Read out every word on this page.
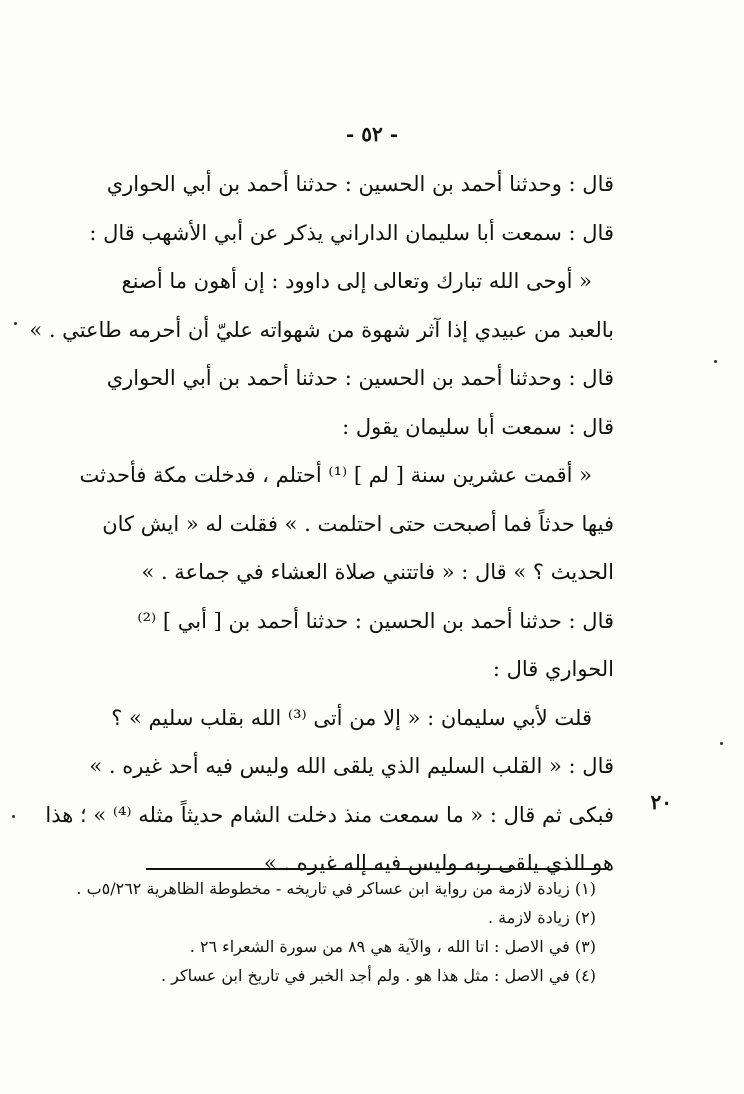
- ٥٢ -
قال : وحدثنا أحمد بن الحسين : حدثنا أحمد بن أبي الحواري
قال : سمعت أبا سليمان الداراني يذكر عن أبي الأشهب قال :
« أوحى الله تبارك وتعالى إلى داوود : إن أهون ما أصنع
بالعبد من عبيدي إذا آثر شهوة من شهواته عليّ أن أحرمه طاعتي . »
قال : وحدثنا أحمد بن الحسين : حدثنا أحمد بن أبي الحواري
قال : سمعت أبا سليمان يقول :
« أقمت عشرين سنة [ لم ] ⁽¹⁾ أحتلم ، فدخلت مكة فأحدثت
فيها حدثاً فما أصبحت حتى احتلمت . » فقلت له « ايش كان
الحديث ؟ » قال : « فاتتني صلاة العشاء في جماعة . »
قال : حدثنا أحمد بن الحسين : حدثنا أحمد بن [ أبي ] ⁽²⁾
الحواري قال :
قلت لأبي سليمان : « إلا من أتى ⁽³⁾ الله بقلب سليم » ؟
قال : « القلب السليم الذي يلقى الله وليس فيه أحد غيره . »
فبكى ثم قال : « ما سمعت منذ دخلت الشام حديثاً مثله ⁽⁴⁾ » ؛ هذا
هو الذي يلقى ربه وليس فيه إله غيره . »
٢٠
(١) زيادة لازمة من رواية ابن عساكر في تاريخه - مخطوطة الظاهرية ٥/٢٦٢ب .
(٢) زيادة لازمة .
(٣) في الاصل : اتا الله ، والآية هي ٨٩ من سورة الشعراء ٢٦ .
(٤) في الاصل : مثل هذا هو . ولم أجد الخبر في تاريخ ابن عساكر .
